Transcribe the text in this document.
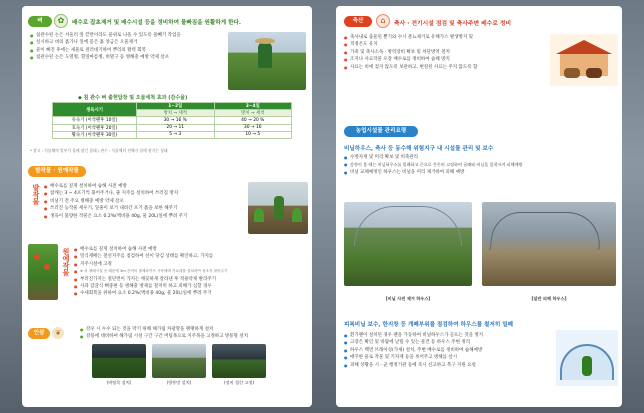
벼	✿	배수로 잡초제거 및 배수시설 등을 정비하여 물빠짐을 원활하게 한다.
● 침관수된 논은 서둘러 잎 끝만이라도 물위로 나올 수 있도록 물빼기 작업을
● 실시하고 벼의 흙가나 잎에 묻은 흙 앙금은 오물제거
● 물이 빠진 후에는 새물로 걸러대기하여 뿌리의 활력 회복
● 침관수된 논은 도열병, 흰잎마름병, 벼멸구 등 병해충 예방 약제 살포
◆ 침 관수 벼 출현답장 및 오물세척 효과 (감수율)
생육시기	1~2일	3~4일
	방치 → 세척	방치 → 세척
유숙기 (이삭팬후 10일)	30 → 16 %	40 → 20 %
호숙기 (이삭팬후 20일)	20 → 11	30 → 16
황숙기 (이삭팬후 30일)	5 → 3	10 → 5
* 참고 : 식물체의 일부가 물에 잠긴 상태 / 관수 : 식물체의 전체가 물에 잠기는 상태
밭작물 · 원예작물
밭작물	● 배수로를 깊게 설치하여 습해 사전 예방
● 참깨는 3 ~ 4포기씩 묶어주거나, 줄 지주를 설치하여 쓰러짐 방지
● 비닐기 전 주요 병해충 예방 약제 살포
● 쓰러진 농작물 세우기, 잎줄이 보거 내려간 포기 흙을 보한 해주기
● 생육이 불량한 작물은 요소 0.2%(액비용 40g, 물 20L)일에 뿌려 주기
원예작물	● 배수로를 깊게 설치하여 습해 사전 예방
● 밀식재배는 철선지주를 점검하여 선이 당김 상태를 확인하고, 가지를
● 지주시설에 고정
● ※ 육 재배시설 곳 때문에 3m 간격의 철제파이프 시작에에 가로대를 설치하여 칭조지 묶어주기
● 부러진가지는 절단면이 가지는 깨끗하게 잘라낸 후 적용약제 발라주기
● 사과 감귤식 뼈중편 등 병해충 방제를 철저히 하고 피해가 심할 경우
● 수세회복을 위하여 요소 0.2%(액비용 40g, 물 20L)일에 뿌려 주기
인삼	❦	● 강우 시 누수 되는 것을 막기 위해 해가림 차광망을 팽팽하게 설치
● 강풍에 대비하여 해가림 시설 구간 구간 버팀목으로 지주목을 고정하고 방풍망 설치
(버팀목 설치)	(방풍망 설치)	(정비 철힌 고정)
축산	⌂	축사 · 전기시설 점검 및 축사주변 배수로 정비
● 축사내로 출물된 뿐기와 수시 분뇨제거로 유해가스 발생방지 및
● 적정온도 유지
● 가축 및 축사소독 · 방역장비 확보 및 차단방역 철저
● 조지나 사료작물 포장 배수로를 정비하여 습해 방지
● 사료는 비에 젖지 않도록 보관하고, 변질된 사료는 주지 않도록 함
농업시설물 관리요령
비닐하우스, 축사 등 동수해 위험지구 내 시설물 관리 및 보수
● 수방자재 및 미리 확보 및 비축관리
● 강풍이 불 때는 비닐하우스를 밀폐하고 끈으로 튼튼히 고정하여 굴패와 비닐을 일착시켜 피해예방
● 비닐 교체예정인 하우스는 비닐을 미리 제거하여 피해 예방
[비닐 사전 제거 하우스]	[일반 피해 하우스]
피복비닐 보수, 한지창 등 개폐부위를 점검하여 하우스를 철저히 밀폐
● 환기팬이 설치된 경우 팬을 가동하여 비닐하우스가 들뜨는 것을 방지
● 고장은 확인 및 바람에 날릴 수 있는 물건 등 하우스 주변 정리
● 하우스 백면 브래이싱(가새) 설치, 주변 배수로를 정비하여 습해예방
● 매꾸한 물로 작물 및 기자재 등을 씻어주고 병해를 살시
● 피해 상황을 시 · 군 행정기관 등에 즉시 신고하고 복구 지원 요청
